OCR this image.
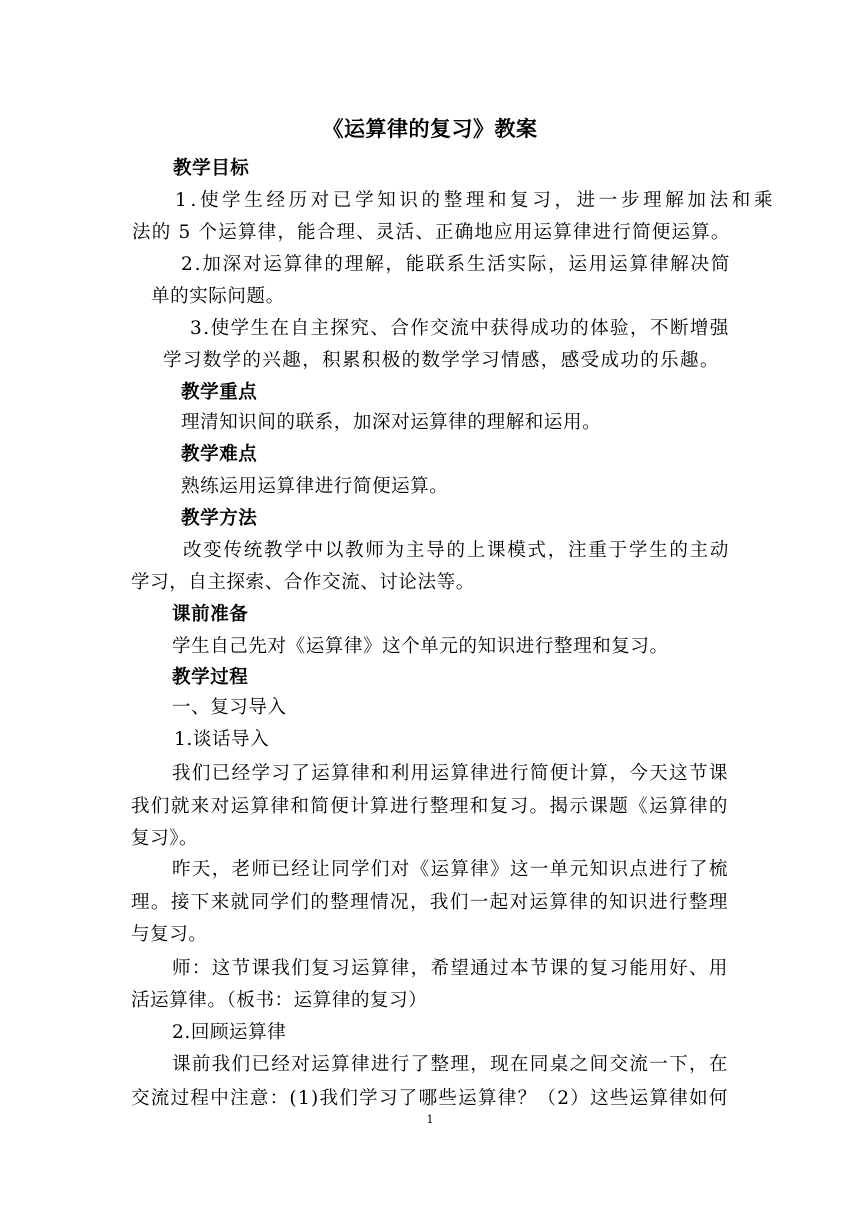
《运算律的复习》教案
教学目标
1.使学生经历对已学知识的整理和复习，进一步理解加法和乘
法的 5 个运算律，能合理、灵活、正确地应用运算律进行简便运算。
2.加深对运算律的理解，能联系生活实际，运用运算律解决简
单的实际问题。
3.使学生在自主探究、合作交流中获得成功的体验，不断增强
学习数学的兴趣，积累积极的数学学习情感，感受成功的乐趣。
教学重点
理清知识间的联系，加深对运算律的理解和运用。
教学难点
熟练运用运算律进行简便运算。
教学方法
改变传统教学中以教师为主导的上课模式，注重于学生的主动
学习，自主探索、合作交流、讨论法等。
课前准备
学生自己先对《运算律》这个单元的知识进行整理和复习。
教学过程
一、复习导入
1.谈话导入
我们已经学习了运算律和利用运算律进行简便计算，今天这节课
我们就来对运算律和简便计算进行整理和复习。揭示课题《运算律的
复习》。
昨天，老师已经让同学们对《运算律》这一单元知识点进行了梳
理。接下来就同学们的整理情况，我们一起对运算律的知识进行整理
与复习。
师：这节课我们复习运算律，希望通过本节课的复习能用好、用
活运算律。（板书：运算律的复习）
2.回顾运算律
课前我们已经对运算律进行了整理，现在同桌之间交流一下，在
交流过程中注意：(1)我们学习了哪些运算律？（2）这些运算律如何
1
